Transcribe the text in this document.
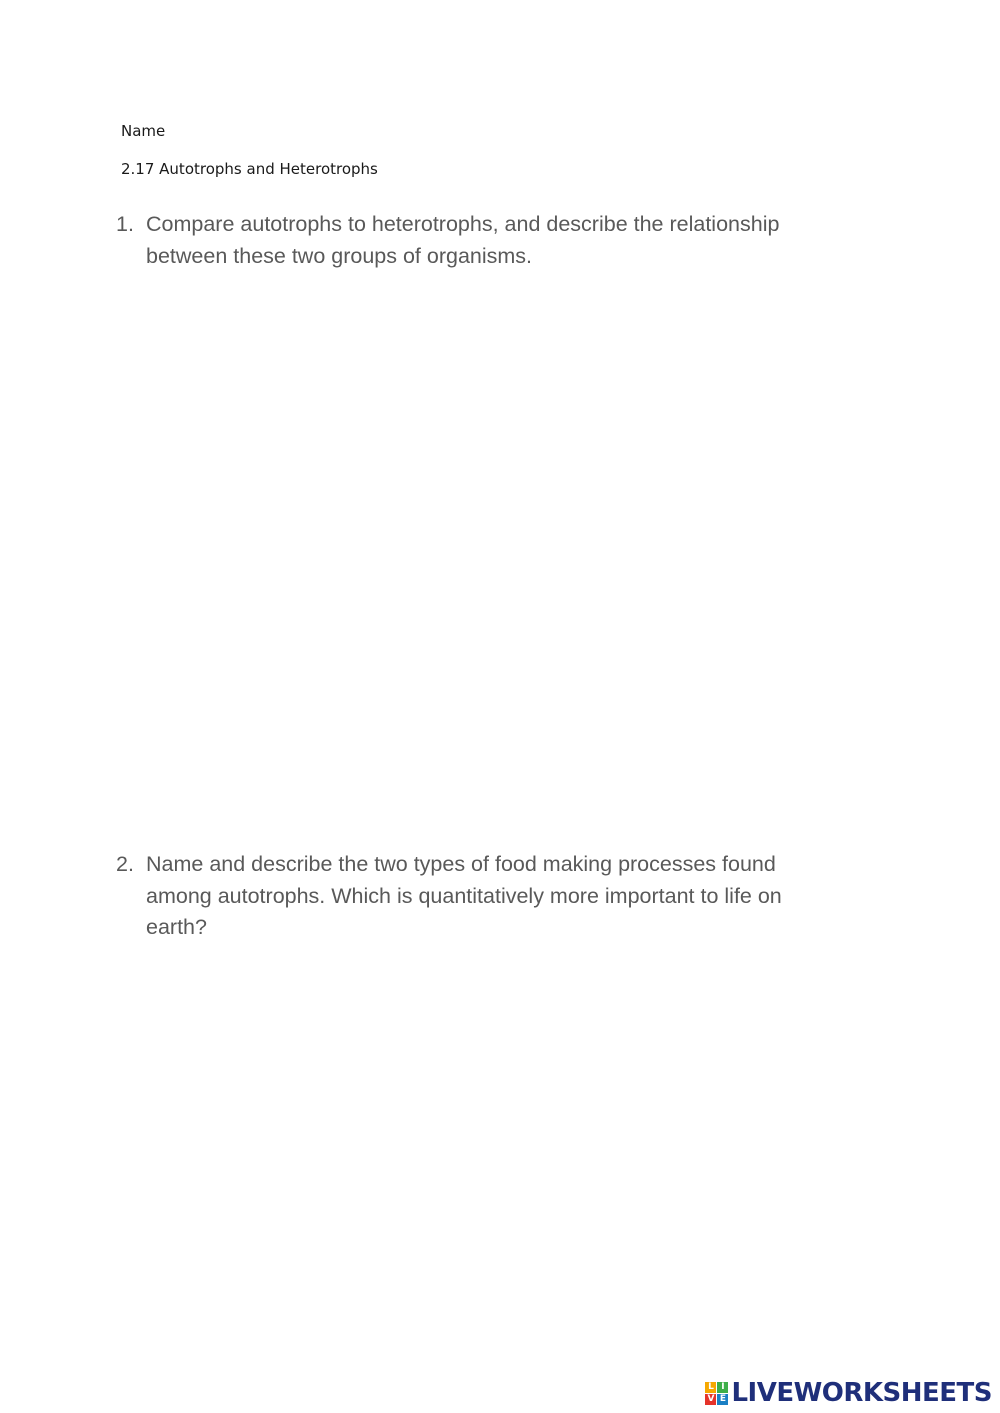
Name
2.17 Autotrophs and Heterotrophs
1. Compare autotrophs to heterotrophs, and describe the relationship between these two groups of organisms.
2. Name and describe the two types of food making processes found among autotrophs. Which is quantitatively more important to life on earth?
L I
V E LIVEWORKSHEETS
